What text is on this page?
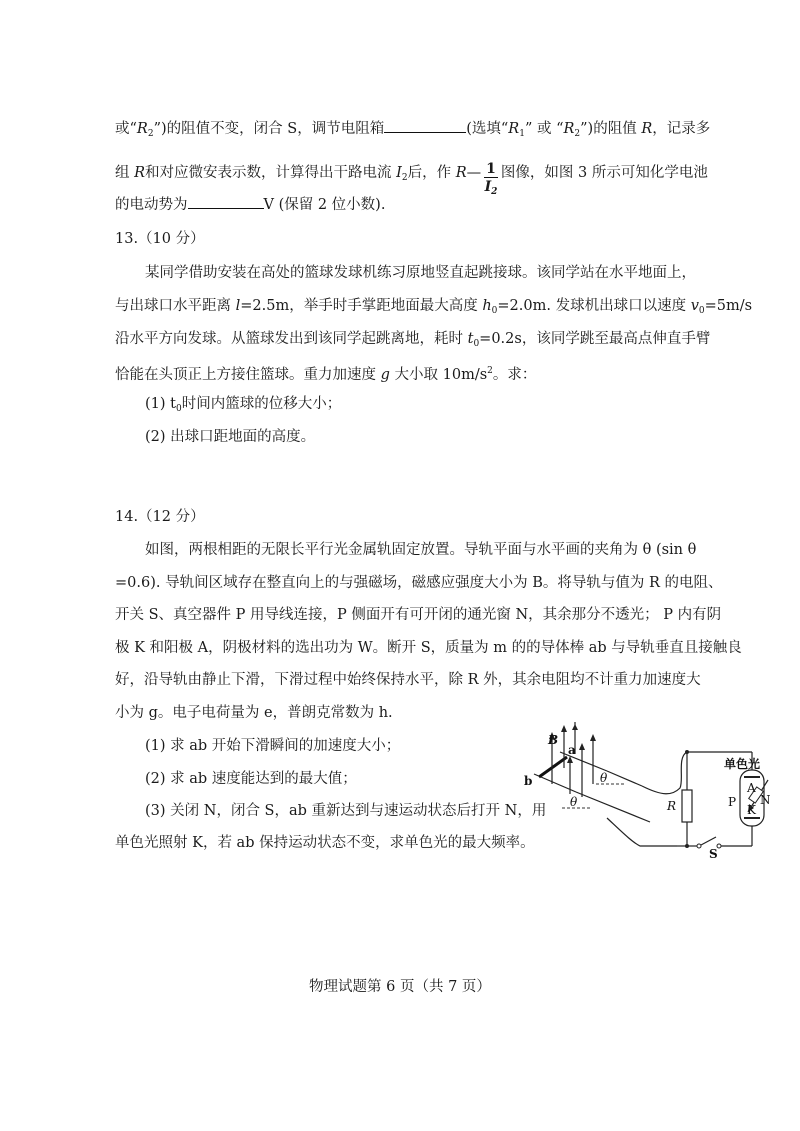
或“$R_2$”)的阻值不变，闭合 S，调节电阻箱	(选填“$R_1$” 或 “$R_2$”)的阻值 R，记录多
组 R和对应微安表示数，计算得出干路电流 $I_2$后，作 R— $\frac{1}{I_2}$ 图像，如图 3 所示可知化学电池
的电动势为	V (保留 2 位小数).
13.（10 分）
某同学借助安装在高处的篮球发球机练习原地竖直起跳接球。该同学站在水平地面上，
与出球口水平距离 l=2.5m，举手时手掌距地面最大高度 $h_0=2.0m$. 发球机出球口以速度 $v_0=5m/s$
沿水平方向发球。从篮球发出到该同学起跳离地，耗时 $t_0=0.2s$，该同学跳至最高点伸直手臂
恰能在头顶正上方接住篮球。重力加速度 g 大小取 $10m/s^2$。求：
(1) $t_0$时间内篮球的位移大小；
(2) 出球口距地面的高度。
14.（12 分）
如图，两根相距的无限长平行光金属轨固定放置。导轨平面与水平画的夹角为 θ (sin θ
=0.6). 导轨间区域存在整直向上的与强磁场，磁感应强度大小为 B。将导轨与值为 R 的电阻、
开关 S、真空器件 P 用导线连接，P 侧面开有可开闭的通光窗 N，其余那分不透光； P 内有阴
极 K 和阳极 A，阴极材料的选出功为 W。断开 S，质量为 m 的的导体棒 ab 与导轨垂直且接触良
好，沿导轨由静止下滑，下滑过程中始终保持水平，除 R 外，其余电阻均不计重力加速度大
小为 g。电子电荷量为 e，普朗克常数为 h.
(1) 求 ab 开始下滑瞬间的加速度大小；
(2) 求 ab 速度能达到的最大值；
(3) 关闭 N，闭合 S，ab 重新达到与速运动状态后打开 N，用
单色光照射 K，若 ab 保持运动状态不变，求单色光的最大频率。
B
a
b	θ
θ	R	P
A
K
N
S
单色光
物理试题第 6 页（共 7 页）
